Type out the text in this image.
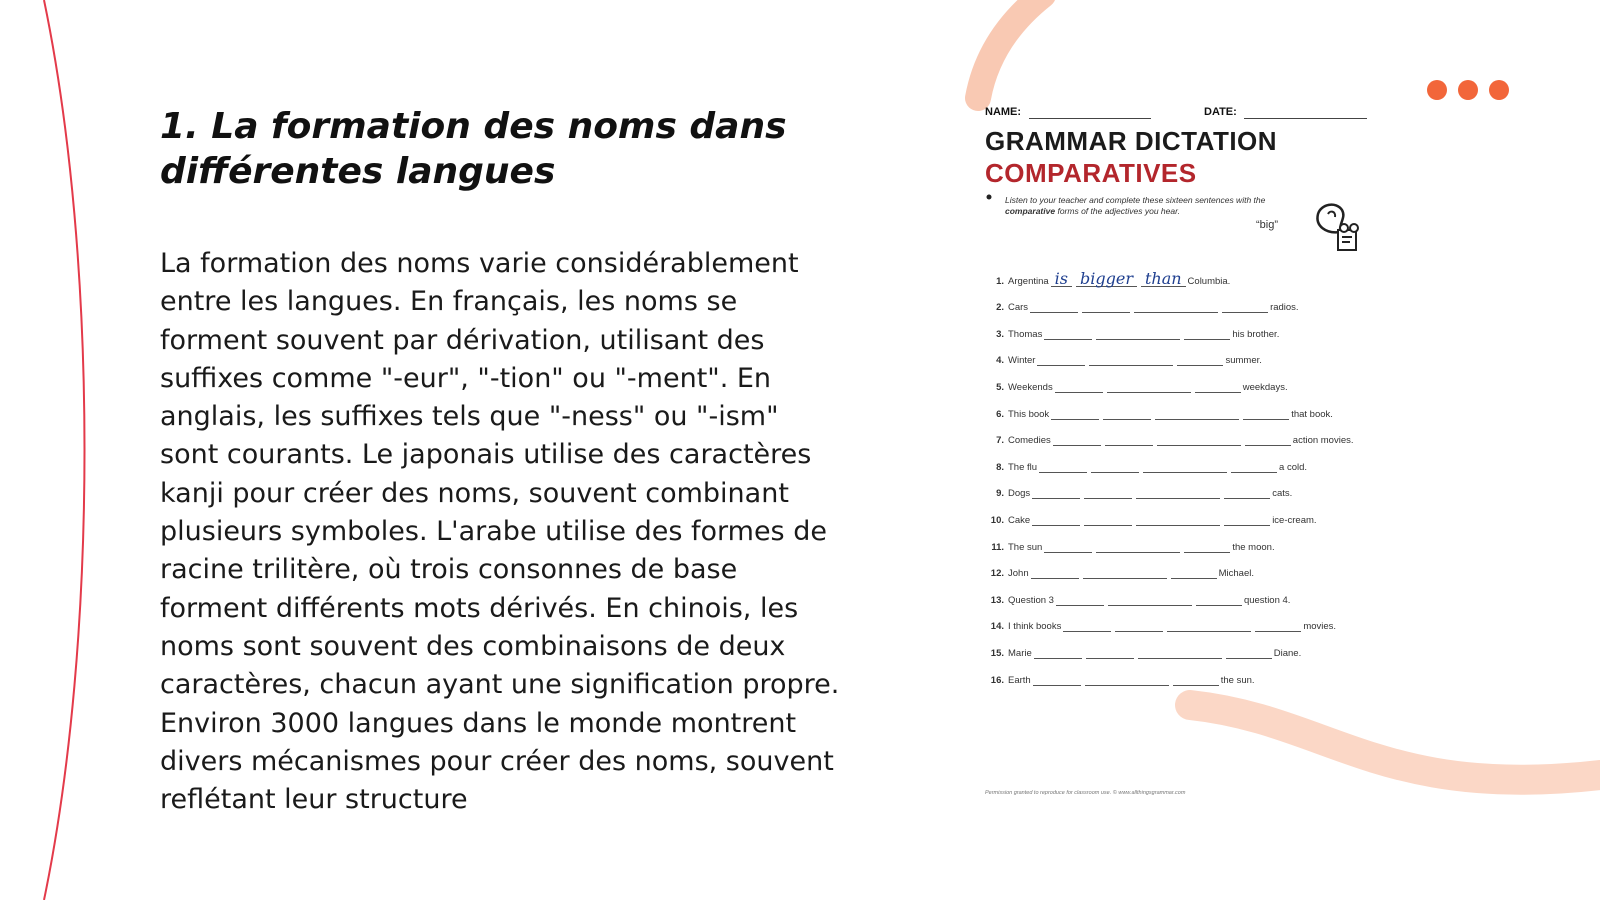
1. La formation des noms dans différentes langues

La formation des noms varie considérablement entre les langues. En français, les noms se forment souvent par dérivation, utilisant des suffixes comme "-eur", "-tion" ou "-ment". En anglais, les suffixes tels que "-ness" ou "-ism" sont courants. Le japonais utilise des caractères kanji pour créer des noms, souvent combinant plusieurs symboles. L'arabe utilise des formes de racine trilitère, où trois consonnes de base forment différents mots dérivés. En chinois, les noms sont souvent des combinaisons de deux caractères, chacun ayant une signification propre. Environ 3000 langues dans le monde montrent divers mécanismes pour créer des noms, souvent reflétant leur structure

NAME:	DATE:
GRAMMAR DICTATION
COMPARATIVES

Listen to your teacher and complete these sixteen sentences with the comparative forms of the adjectives you hear.

“big”
1. Argentina is bigger than Columbia.
2. Cars	radios.
3. Thomas	his brother.
4. Winter	summer.
5. Weekends	weekdays.
6. This book	that book.
7. Comedies	action movies.
8. The flu	a cold.
9. Dogs	cats.
10. Cake	ice-cream.
11. The sun	the moon.
12. John	Michael.
13. Question 3	question 4.
14. I think books	movies.
15. Marie	Diane.
16. Earth	the sun.
Permission granted to reproduce for classroom use. © www.allthingsgrammar.com
